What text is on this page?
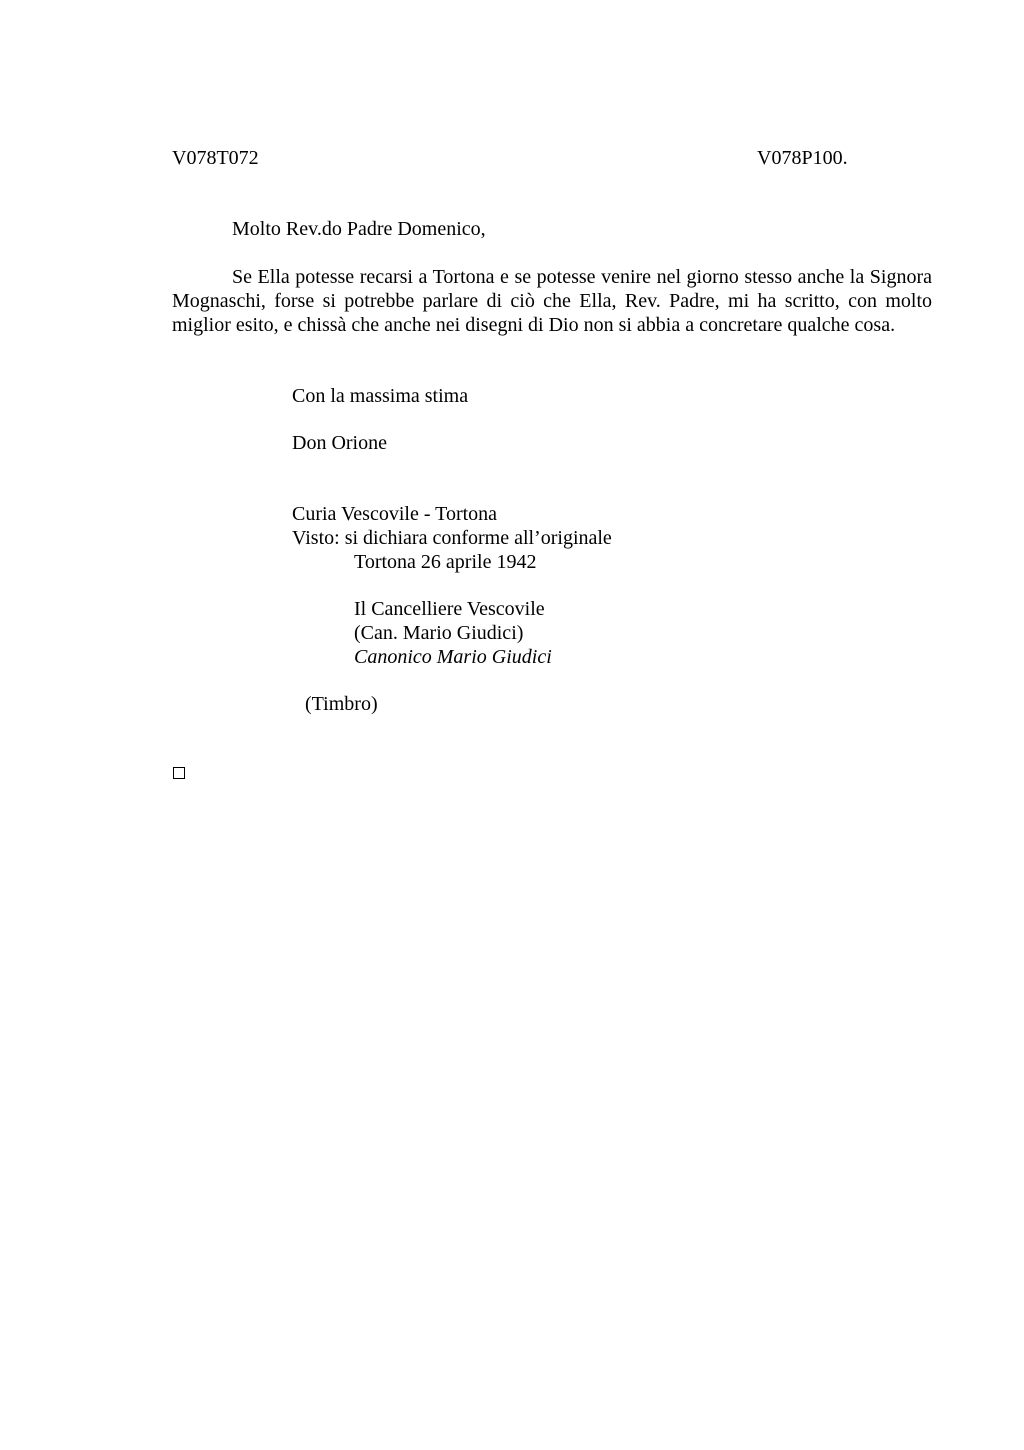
V078T072	V078P100.
Molto Rev.do Padre Domenico,
Se Ella potesse recarsi a Tortona e se potesse venire nel giorno stesso anche la Signora Mognaschi, forse si potrebbe parlare di ciò che Ella, Rev. Padre, mi ha scritto, con molto miglior esito, e chissà che anche nei disegni di Dio non si abbia a concretare qualche cosa.
Con la massima stima
Don Orione
Curia Vescovile - Tortona
Visto: si dichiara conforme all’originale
Tortona 26 aprile 1942
Il Cancelliere Vescovile
(Can. Mario Giudici)
Canonico Mario Giudici
(Timbro)
